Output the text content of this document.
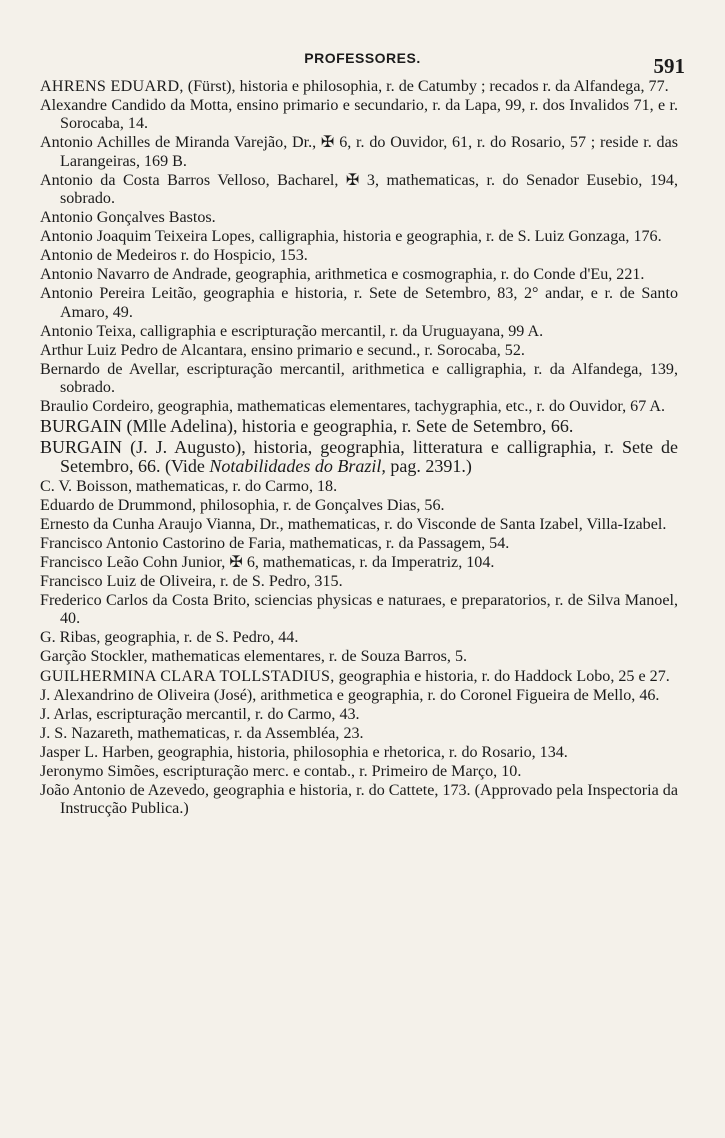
PROFESSORES.	591

AHRENS EDUARD, (Fürst), historia e philosophia, r. de Catumby ; recados r. da Alfandega, 77.

Alexandre Candido da Motta, ensino primario e secundario, r. da Lapa, 99, r. dos Invalidos 71, e r. Sorocaba, 14.

Antonio Achilles de Miranda Varejão, Dr., ✠ 6, r. do Ouvidor, 61, r. do Rosario, 57 ; reside r. das Larangeiras, 169 B.

Antonio da Costa Barros Velloso, Bacharel, ✠ 3, mathematicas, r. do Senador Eusebio, 194, sobrado.

Antonio Gonçalves Bastos.

Antonio Joaquim Teixeira Lopes, calligraphia, historia e geographia, r. de S. Luiz Gonzaga, 176.

Antonio de Medeiros r. do Hospicio, 153.

Antonio Navarro de Andrade, geographia, arithmetica e cosmographia, r. do Conde d'Eu, 221.

Antonio Pereira Leitão, geographia e historia, r. Sete de Setembro, 83, 2° andar, e r. de Santo Amaro, 49.

Antonio Teixa, calligraphia e escripturação mercantil, r. da Uruguayana, 99 A.

Arthur Luiz Pedro de Alcantara, ensino primario e secund., r. Sorocaba, 52.

Bernardo de Avellar, escripturação mercantil, arithmetica e calligraphia, r. da Alfandega, 139, sobrado.

Braulio Cordeiro, geographia, mathematicas elementares, tachygraphia, etc., r. do Ouvidor, 67 A.

BURGAIN (Mlle Adelina), historia e geographia, r. Sete de Setembro, 66.

BURGAIN (J. J. Augusto), historia, geographia, litteratura e calligraphia, r. Sete de Setembro, 66. (Vide Notabilidades do Brazil, pag. 2391.)

C. V. Boisson, mathematicas, r. do Carmo, 18.

Eduardo de Drummond, philosophia, r. de Gonçalves Dias, 56.

Ernesto da Cunha Araujo Vianna, Dr., mathematicas, r. do Visconde de Santa Izabel, Villa-Izabel.

Francisco Antonio Castorino de Faria, mathematicas, r. da Passagem, 54.

Francisco Leão Cohn Junior, ✠ 6, mathematicas, r. da Imperatriz, 104.

Francisco Luiz de Oliveira, r. de S. Pedro, 315.

Frederico Carlos da Costa Brito, sciencias physicas e naturaes, e preparatorios, r. de Silva Manoel, 40.

G. Ribas, geographia, r. de S. Pedro, 44.

Garção Stockler, mathematicas elementares, r. de Souza Barros, 5.

GUILHERMINA CLARA TOLLSTADIUS, geographia e historia, r. do Haddock Lobo, 25 e 27.

J. Alexandrino de Oliveira (José), arithmetica e geographia, r. do Coronel Figueira de Mello, 46.

J. Arlas, escripturação mercantil, r. do Carmo, 43.

J. S. Nazareth, mathematicas, r. da Assembléa, 23.

Jasper L. Harben, geographia, historia, philosophia e rhetorica, r. do Rosario, 134.

Jeronymo Simões, escripturação merc. e contab., r. Primeiro de Março, 10.

João Antonio de Azevedo, geographia e historia, r. do Cattete, 173. (Approvado pela Inspectoria da Instrucção Publica.)
